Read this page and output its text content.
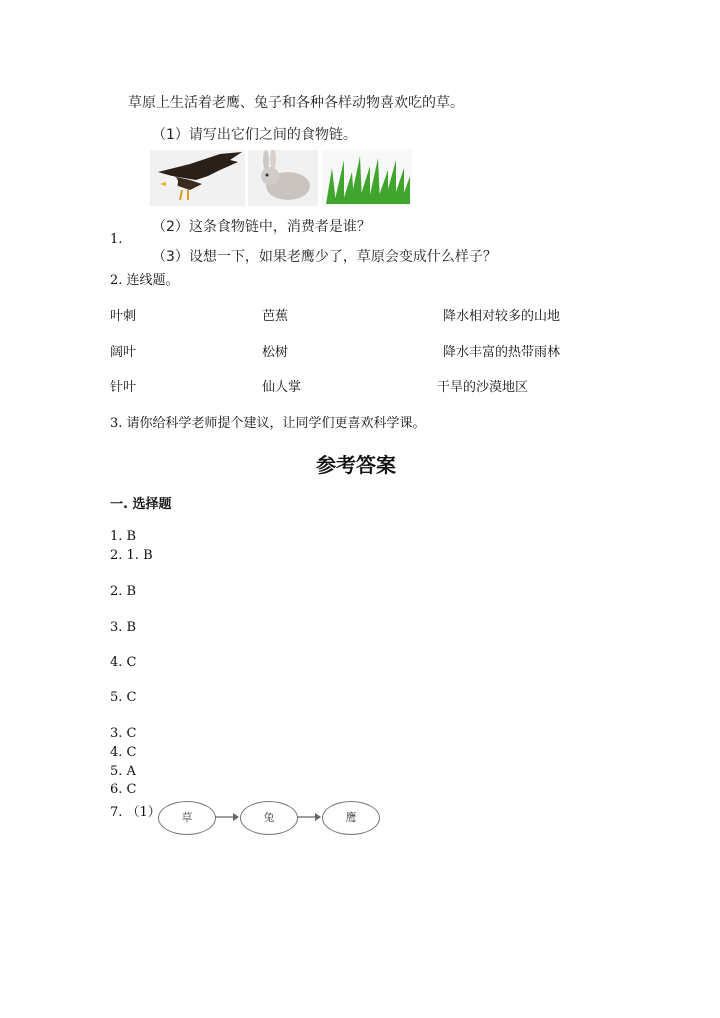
草原上生活着老鹰、兔子和各种各样动物喜欢吃的草。
（1）请写出它们之间的食物链。
（2）这条食物链中，消费者是谁？
1.
（3）设想一下，如果老鹰少了，草原会变成什么样子？
2. 连线题。
叶刺	芭蕉	降水相对较多的山地
阔叶	松树	降水丰富的热带雨林
针叶	仙人掌	干旱的沙漠地区
3. 请你给科学老师提个建议，让同学们更喜欢科学课。
参考答案
一. 选择题
1. B
2. 1. B
2. B
3. B
4. C
5. C
3. C
4. C
5. A
6. C
7. （1）	草	兔	鹰
